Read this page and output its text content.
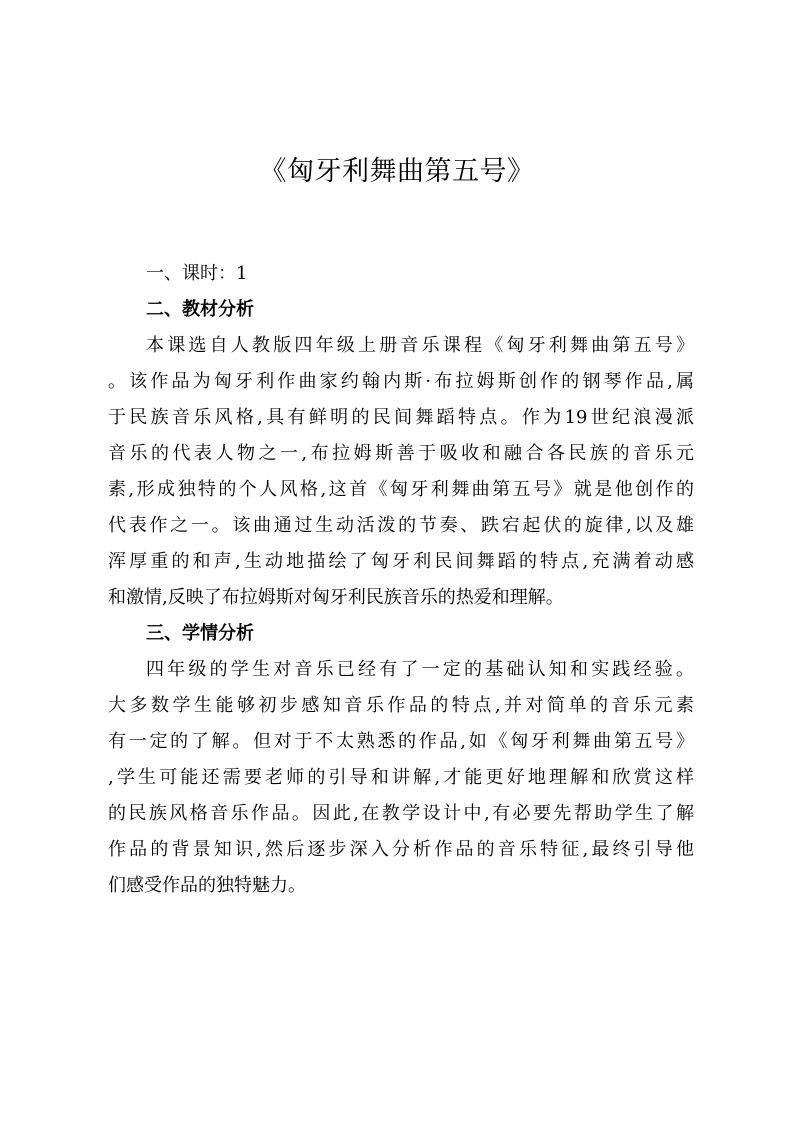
《匈牙利舞曲第五号》
一、课时：1
二、教材分析
本课选自人教版四年级上册音乐课程《匈牙利舞曲第五号》
。该作品为匈牙利作曲家约翰内斯·布拉姆斯创作的钢琴作品,属
于民族音乐风格,具有鲜明的民间舞蹈特点。作为19世纪浪漫派
音乐的代表人物之一,布拉姆斯善于吸收和融合各民族的音乐元
素,形成独特的个人风格,这首《匈牙利舞曲第五号》就是他创作的
代表作之一。该曲通过生动活泼的节奏、跌宕起伏的旋律,以及雄
浑厚重的和声,生动地描绘了匈牙利民间舞蹈的特点,充满着动感
和激情,反映了布拉姆斯对匈牙利民族音乐的热爱和理解。
三、学情分析
四年级的学生对音乐已经有了一定的基础认知和实践经验。
大多数学生能够初步感知音乐作品的特点,并对简单的音乐元素
有一定的了解。但对于不太熟悉的作品,如《匈牙利舞曲第五号》
,学生可能还需要老师的引导和讲解,才能更好地理解和欣赏这样
的民族风格音乐作品。因此,在教学设计中,有必要先帮助学生了解
作品的背景知识,然后逐步深入分析作品的音乐特征,最终引导他
们感受作品的独特魅力。
